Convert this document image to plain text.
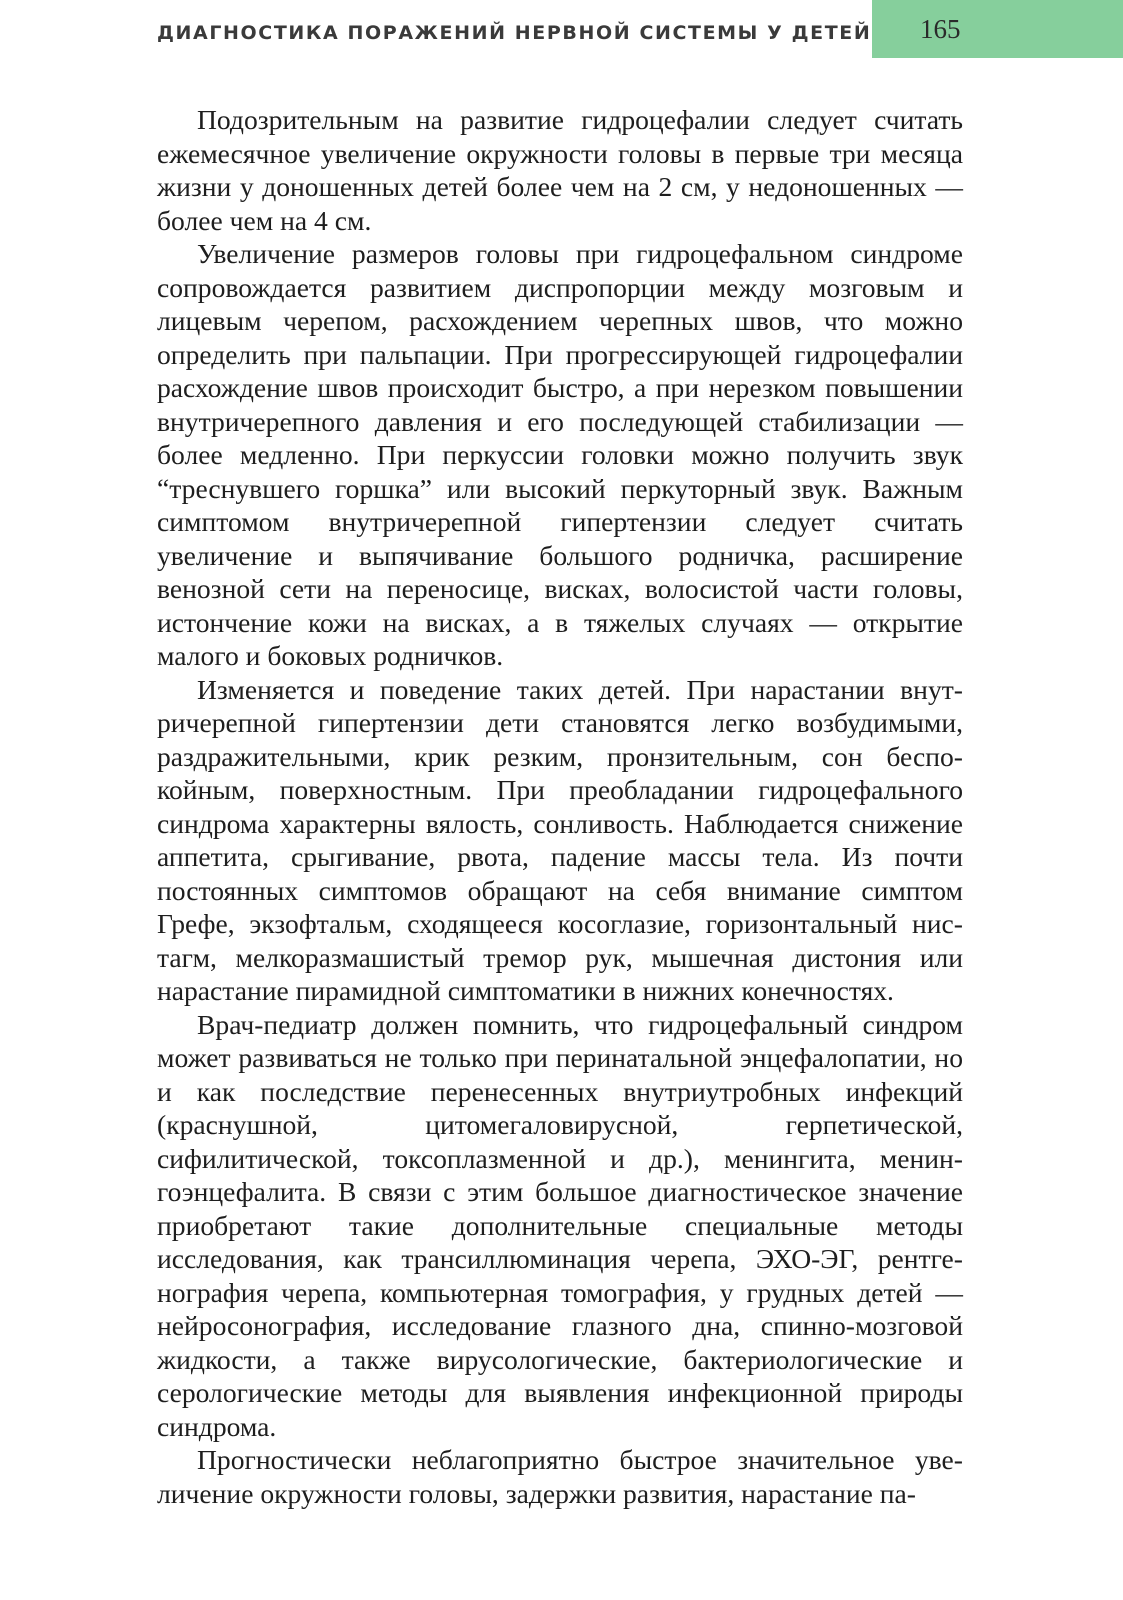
ДИАГНОСТИКА ПОРАЖЕНИЙ НЕРВНОЙ СИСТЕМЫ У ДЕТЕЙ 165

Подозрительным на развитие гидроцефалии следует считать ежемесячное увеличение окружности головы в первые три месяца жизни у доношенных детей более чем на 2 см, у недоношенных — более чем на 4 см.

Увеличение размеров головы при гидроцефальном синдроме сопровождается развитием диспропорции между мозговым и лицевым черепом, расхождением черепных швов, что можно определить при пальпации. При прогрессирующей гидроцефалии расхождение швов происходит быстро, а при нерезком повышении внутричерепного давления и его последующей стабилизации — более медленно. При перкуссии головки можно получить звук “треснувшего горшка” или высокий перкуторный звук. Важным симптомом внутричерепной гипертензии следует считать увеличение и выпячивание большого родничка, расширение венозной сети на переносице, висках, волосистой части головы, истончение кожи на висках, а в тяжелых случаях — открытие малого и боковых родничков.

Изменяется и поведение таких детей. При нарастании внутричерепной гипертензии дети становятся легко возбудимыми, раздражительными, крик резким, пронзительным, сон беспокойным, поверхностным. При преобладании гидроцефального синдрома характерны вялость, сонливость. Наблюдается снижение аппетита, срыгивание, рвота, падение массы тела. Из почти постоянных симптомов обращают на себя внимание симптом Грефе, экзофтальм, сходящееся косоглазие, горизонтальный нистагм, мелкоразмашистый тремор рук, мышечная дистония или нарастание пирамидной симптоматики в нижних конечностях.

Врач-педиатр должен помнить, что гидроцефальный синдром может развиваться не только при перинатальной энцефалопатии, но и как последствие перенесенных внутриутробных инфекций (краснушной, цитомегаловирусной, герпетической, сифилитической, токсоплазменной и др.), менингита, менингоэнцефалита. В связи с этим большое диагностическое значение приобретают такие дополнительные специальные методы исследования, как трансиллюминация черепа, ЭХО-ЭГ, рентгенография черепа, компьютерная томография, у грудных детей — нейросонография, исследование глазного дна, спинно-мозговой жидкости, а также вирусологические, бактериологические и серологические методы для выявления инфекционной природы синдрома.

Прогностически неблагоприятно быстрое значительное увеличение окружности головы, задержки развития, нарастание па-
